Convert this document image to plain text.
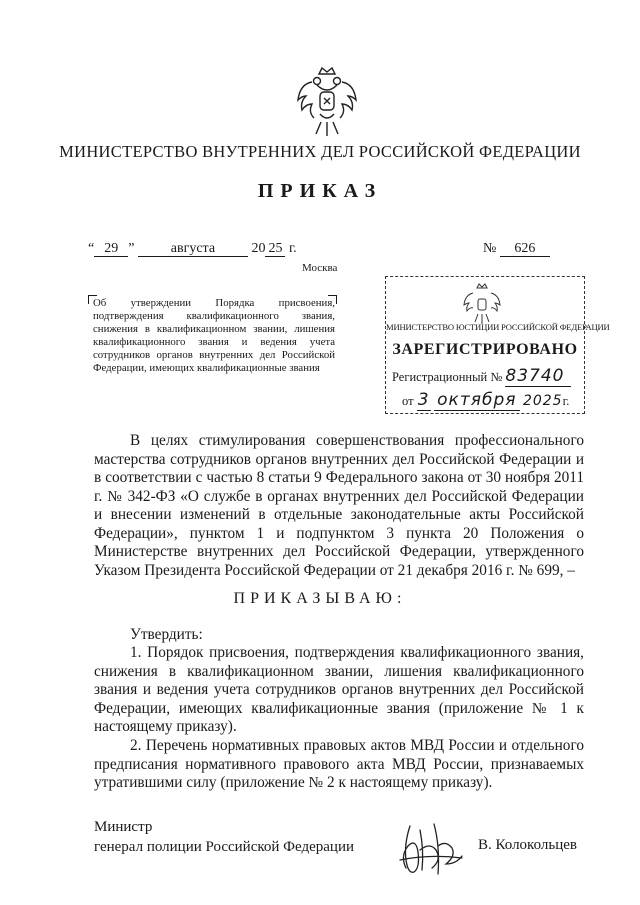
МИНИСТЕРСТВО ВНУТРЕННИХ ДЕЛ РОССИЙСКОЙ ФЕДЕРАЦИИ
ПРИКАЗ
“ 29 ”	августа	20 25 г.	№ 626
Москва
Об утверждении Порядка присвоения, подтверждения квалификационного звания, снижения в квалификационном звании, лишения квалификационного звания и ведения учета сотрудников органов внутренних дел Российской Федерации, имеющих квалификационные звания
МИНИСТЕРСТВО ЮСТИЦИИ РОССИЙСКОЙ ФЕДЕРАЦИИ
ЗАРЕГИСТРИРОВАНО
Регистрационный № 83740
от 3 октября 2025г.
В целях стимулирования совершенствования профессионального мастерства сотрудников органов внутренних дел Российской Федерации и в соответствии с частью 8 статьи 9 Федерального закона от 30 ноября 2011 г. № 342-ФЗ «О службе в органах внутренних дел Российской Федерации и внесении изменений в отдельные законодательные акты Российской Федерации», пунктом 1 и подпунктом 3 пункта 20 Положения о Министерстве внутренних дел Российской Федерации, утвержденного Указом Президента Российской Федерации от 21 декабря 2016 г. № 699, –
ПРИКАЗЫВАЮ:
Утвердить:
1. Порядок присвоения, подтверждения квалификационного звания, снижения в квалификационном звании, лишения квалификационного звания и ведения учета сотрудников органов внутренних дел Российской Федерации, имеющих квалификационные звания (приложение № 1 к настоящему приказу).
2. Перечень нормативных правовых актов МВД России и отдельного предписания нормативного правового акта МВД России, признаваемых утратившими силу (приложение № 2 к настоящему приказу).
Министр
генерал полиции Российской Федерации	В. Колокольцев
